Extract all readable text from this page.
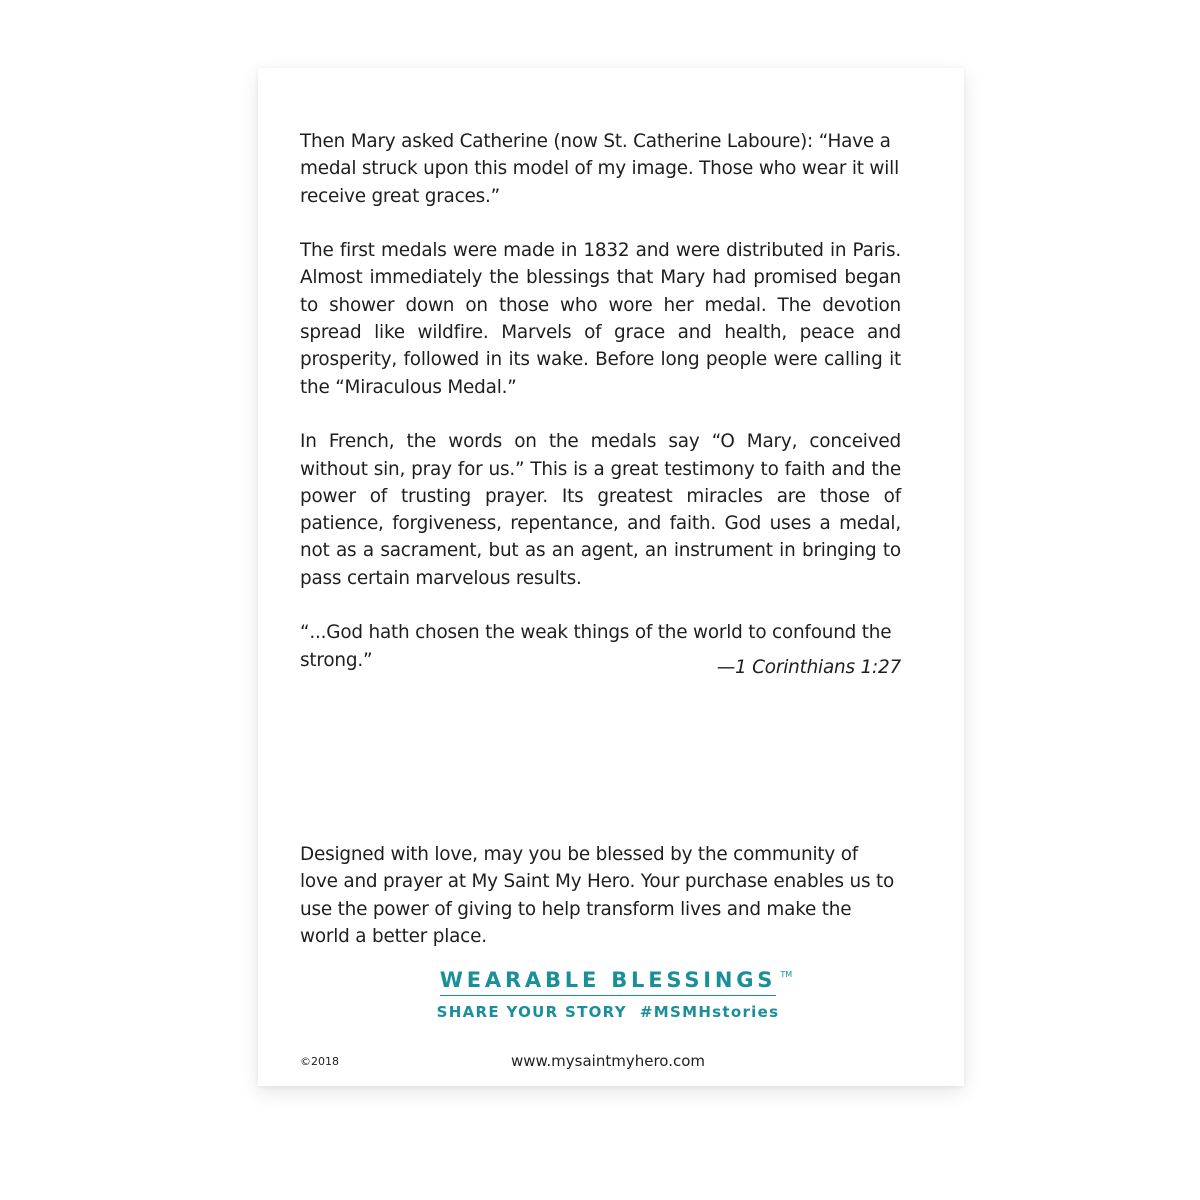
Then Mary asked Catherine (now St. Catherine Laboure): “Have a medal struck upon this model of my image. Those who wear it will receive great graces.”

The first medals were made in 1832 and were distributed in Paris. Almost immediately the blessings that Mary had promised began to shower down on those who wore her medal. The devotion spread like wildfire. Marvels of grace and health, peace and prosperity, followed in its wake. Before long people were calling it the “Miraculous Medal.”

In French, the words on the medals say “O Mary, conceived without sin, pray for us.” This is a great testimony to faith and the power of trusting prayer. Its greatest miracles are those of patience, forgiveness, repentance, and faith. God uses a medal, not as a sacrament, but as an agent, an instrument in bringing to pass certain marvelous results.

“...God hath chosen the weak things of the world to confound the strong.”	—1 Corinthians 1:27

Designed with love, may you be blessed by the community of love and prayer at My Saint My Hero. Your purchase enables us to use the power of giving to help transform lives and make the world a better place.

WEARABLE BLESSINGS TM
SHARE YOUR STORY  #MSMHstories
©2018	www.mysaintmyhero.com
